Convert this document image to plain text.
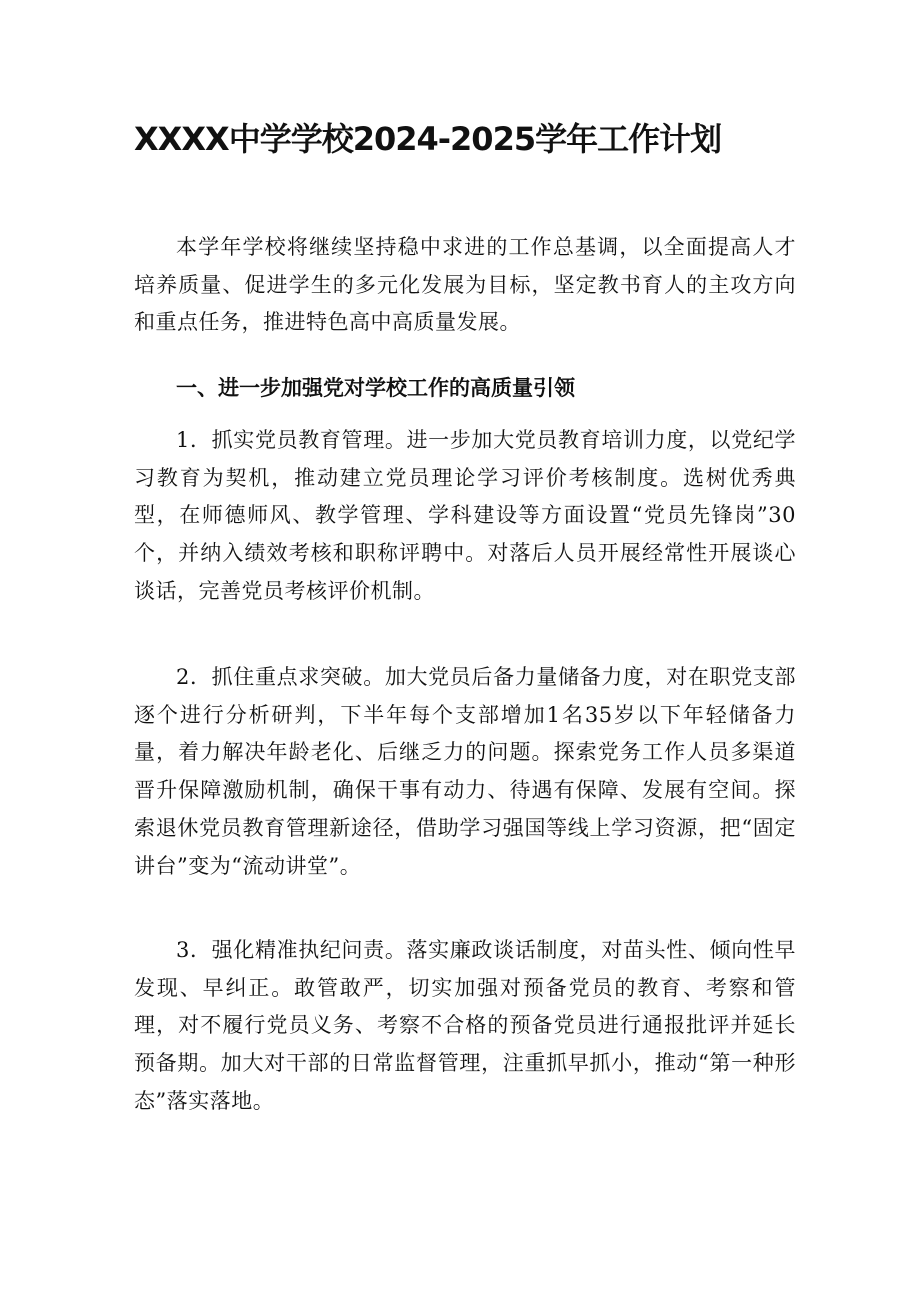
XXXX中学学校2024-2025学年工作计划

本学年学校将继续坚持稳中求进的工作总基调，以全面提高人才培养质量、促进学生的多元化发展为目标，坚定教书育人的主攻方向和重点任务，推进特色高中高质量发展。

一、进一步加强党对学校工作的高质量引领

1．抓实党员教育管理。进一步加大党员教育培训力度，以党纪学习教育为契机，推动建立党员理论学习评价考核制度。选树优秀典型，在师德师风、教学管理、学科建设等方面设置“党员先锋岗”30个，并纳入绩效考核和职称评聘中。对落后人员开展经常性开展谈心谈话，完善党员考核评价机制。

2．抓住重点求突破。加大党员后备力量储备力度，对在职党支部逐个进行分析研判，下半年每个支部增加1名35岁以下年轻储备力量，着力解决年龄老化、后继乏力的问题。探索党务工作人员多渠道晋升保障激励机制，确保干事有动力、待遇有保障、发展有空间。探索退休党员教育管理新途径，借助学习强国等线上学习资源，把“固定讲台”变为“流动讲堂”。

3．强化精准执纪问责。落实廉政谈话制度，对苗头性、倾向性早发现、早纠正。敢管敢严，切实加强对预备党员的教育、考察和管理，对不履行党员义务、考察不合格的预备党员进行通报批评并延长预备期。加大对干部的日常监督管理，注重抓早抓小，推动“第一种形态”落实落地。
